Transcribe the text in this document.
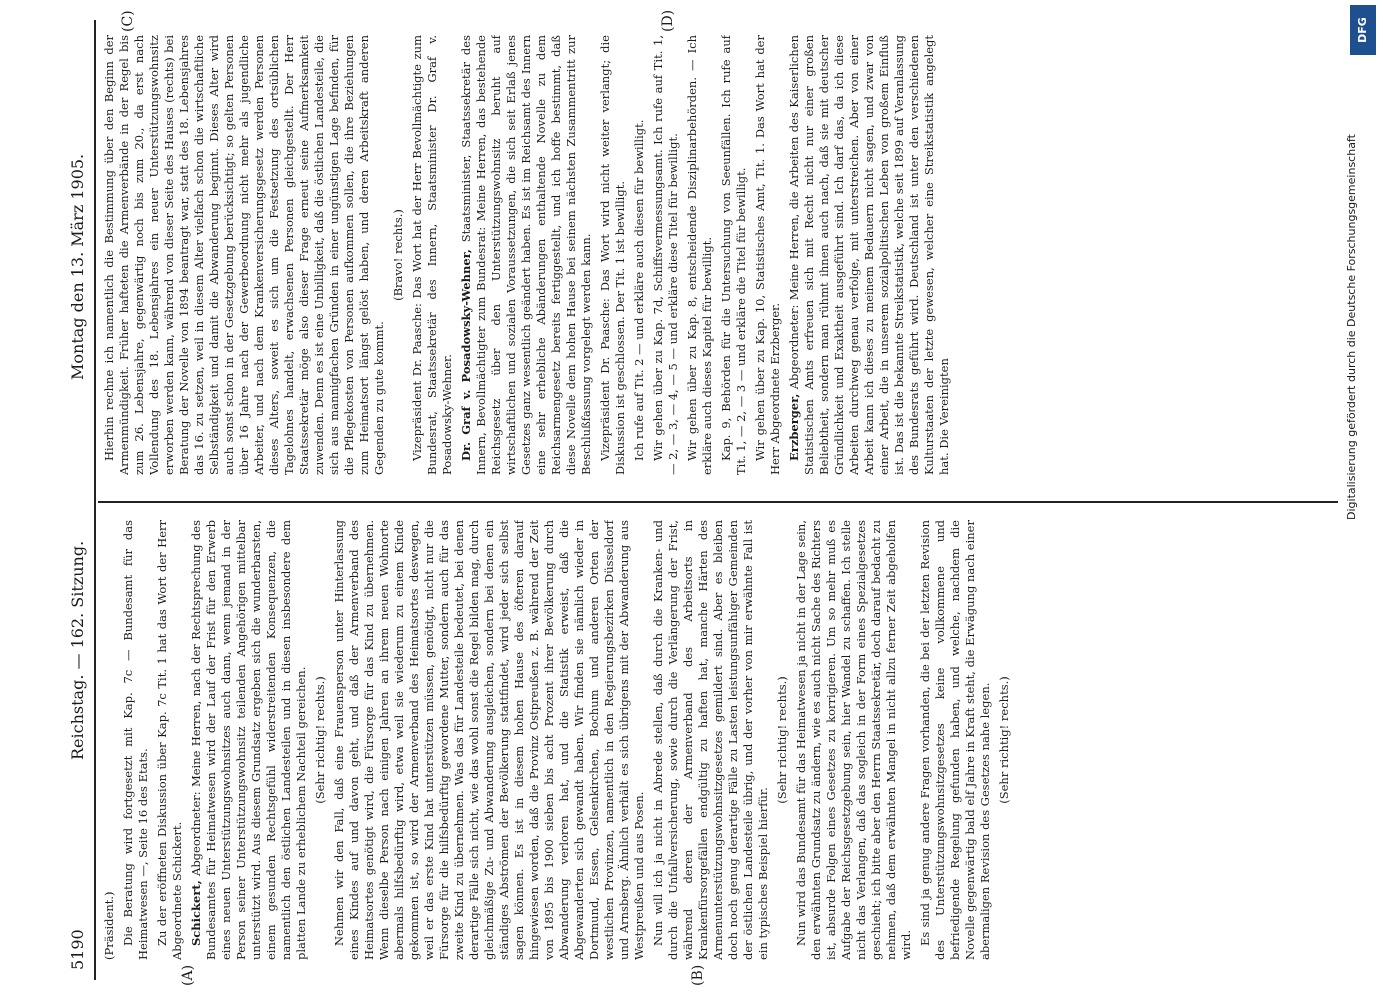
5190
Reichstag. — 162. Sitzung.
Montag den 13. März 1905.
(A)	(B)
(C)	(D)

(Präsident.) Die Beratung wird fortgesetzt mit Kap. 7c — Bundesamt für das Heimatwesen —, Seite 16 des Etats. Zu der eröffneten Diskussion über Kap. 7c Tit. 1 hat das Wort der Herr Abgeordnete Schickert. Schickert, Abgeordneter: Meine Herren, nach der Rechtsprechung des Bundesamtes für Heimatwesen wird der Lauf der Frist für den Erwerb eines neuen Unterstützungswohnsitzes auch dann, wenn jemand in der Person seiner Unterstützungswohnsitz teilenden Angehörigen mittelbar unterstützt wird. Aus diesem Grundsatz ergeben sich die wunderbarsten, einem gesunden Rechtsgefühl widerstreitenden Konsequenzen, die namentlich den östlichen Landesteilen und in diesen insbesondere dem platten Lande zu erheblichem Nachteil gereichen. (Sehr richtig! rechts.) Nehmen wir den Fall, daß eine Frauensperson unter Hinterlassung eines Kindes auf und davon geht, und daß der Armenverband des Heimatsortes genötigt wird, die Fürsorge für das Kind zu übernehmen. Wenn dieselbe Person nach einigen Jahren an ihrem neuen Wohnorte abermals hilfsbedürftig wird, etwa weil sie wiederum zu einem Kinde gekommen ist, so wird der Armenverband des Heimatsortes deswegen, weil er das erste Kind hat unterstützen müssen, genötigt, nicht nur die Fürsorge für die hilfsbedürftig gewordene Mutter, sondern auch für das zweite Kind zu übernehmen. Was das für Landesteile bedeutet, bei denen derartige Fälle sich nicht, wie das wohl sonst die Regel bilden mag, durch gleichmäßige Zu- und Abwanderung ausgleichen, sondern bei denen ein ständiges Abströmen der Bevölkerung stattfindet, wird jeder sich selbst sagen können. Es ist in diesem hohen Hause des öfteren darauf hingewiesen worden, daß die Provinz Ostpreußen z. B. während der Zeit von 1895 bis 1900 sieben bis acht Prozent ihrer Bevölkerung durch Abwanderung verloren hat, und die Statistik erweist, daß die Abgewanderten sich gewandt haben. Wir finden sie nämlich wieder in Dortmund, Essen, Gelsenkirchen, Bochum und anderen Orten der westlichen Provinzen, namentlich in den Regierungsbezirken Düsseldorf und Arnsberg. Ähnlich verhält es sich übrigens mit der Abwanderung aus Westpreußen und aus Posen. Nun will ich ja nicht in Abrede stellen, daß durch die Kranken- und durch die Unfallversicherung, sowie durch die Verlängerung der Frist, während deren der Armenverband des Arbeitsorts in Krankenfürsorgefällen endgültig zu haften hat, manche Härten des Armenunterstützungswohnsitzgesetzes gemildert sind. Aber es bleiben doch noch genug derartige Fälle zu Lasten leistungsunfähiger Gemeinden der östlichen Landesteile übrig, und der vorher von mir erwähnte Fall ist ein typisches Beispiel hierfür.

(Sehr richtig! rechts.) Nun wird das Bundesamt für das Heimatwesen ja nicht in der Lage sein, den erwähnten Grundsatz zu ändern, wie es auch nicht Sache des Richters ist, absurde Folgen eines Gesetzes zu korrigieren. Um so mehr muß es Aufgabe der Reichsgesetzgebung sein, hier Wandel zu schaffen. Ich stelle nicht das Verlangen, daß das sogleich in der Form eines Spezialgesetzes geschieht; ich bitte aber den Herrn Staatssekretär, doch darauf bedacht zu nehmen, daß dem erwähnten Mangel in nicht allzu ferner Zeit abgeholfen wird. Es sind ja genug andere Fragen vorhanden, die bei der letzten Revision des Unterstützungswohnsitzgesetzes keine vollkommene und befriedigende Regelung gefunden haben, und welche, nachdem die Novelle gegenwärtig bald elf Jahre in Kraft steht, die Erwägung nach einer abermaligen Revision des Gesetzes nahe legen. (Sehr richtig! rechts.)

Hierhin rechne ich namentlich die Bestimmung über den Beginn der Armenmündigkeit. Früher hafteten die Armenverbände in der Regel bis zum 26. Lebensjahre, gegenwärtig noch bis zum 20., da erst nach Vollendung des 18. Lebensjahres ein neuer Unterstützungswohnsitz erworben werden kann, während von dieser Seite des Hauses (rechts) bei Beratung der Novelle von 1894 beantragt war, statt des 18. Lebensjahres das 16. zu setzen, weil in diesem Alter vielfach schon die wirtschaftliche Selbständigkeit und damit die Abwanderung beginnt. Dieses Alter wird auch sonst schon in der Gesetzgebung berücksichtigt; so gelten Personen über 16 Jahre nach der Gewerbeordnung nicht mehr als jugendliche Arbeiter, und nach dem Krankenversicherungsgesetz werden Personen dieses Alters, soweit es sich um die Festsetzung des ortsüblichen Tagelohnes handelt, erwachsenen Personen gleichgestellt. Der Herr Staatssekretär möge also dieser Frage erneut seine Aufmerksamkeit zuwenden. Denn es ist eine Unbilligkeit, daß die östlichen Landesteile, die sich aus mannigfachen Gründen in einer ungünstigen Lage befinden, für die Pflegekosten von Personen aufkommen sollen, die ihre Beziehungen zum Heimatsort längst gelöst haben, und deren Arbeitskraft anderen Gegenden zu gute kommt.

(Bravo! rechts.) Vizepräsident Dr. Paasche: Das Wort hat der Herr Bevollmächtigte zum Bundesrat, Staatssekretär des Innern, Staatsminister Dr. Graf v. Posadowsky-Wehner. Dr. Graf v. Posadowsky-Wehner, Staatsminister, Staatssekretär des Innern, Bevollmächtigter zum Bundesrat: Meine Herren, das bestehende Reichsgesetz über den Unterstützungswohnsitz beruht auf wirtschaftlichen und sozialen Voraussetzungen, die sich seit Erlaß jenes Gesetzes ganz wesentlich geändert haben. Es ist im Reichsamt des Innern eine sehr erhebliche Abänderungen enthaltende Novelle zu dem Reichsarmengesetz bereits fertiggestellt, und ich hoffe bestimmt, daß diese Novelle dem hohen Hause bei seinem nächsten Zusammentritt zur Beschlußfassung vorgelegt werden kann. Vizepräsident Dr. Paasche: Das Wort wird nicht weiter verlangt; die Diskussion ist geschlossen. Der Tit. 1 ist bewilligt. Ich rufe auf Tit. 2 — und erkläre auch diesen für bewilligt. Wir gehen über zu Kap. 7d, Schiffsvermessungsamt. Ich rufe auf Tit. 1, — 2, — 3, — 4, — 5 — und erkläre diese Titel für bewilligt. Wir gehen über zu Kap. 8, entscheidende Disziplinarbehörden. — Ich erkläre auch dieses Kapitel für bewilligt. Kap. 9, Behörden für die Untersuchung von Seeunfällen. Ich rufe auf Tit. 1, — 2, — 3 — und erkläre die Titel für bewilligt. Wir gehen über zu Kap. 10, Statistisches Amt, Tit. 1. Das Wort hat der Herr Abgeordnete Erzberger. Erzberger, Abgeordneter: Meine Herren, die Arbeiten des Kaiserlichen Statistischen Amts erfreuen sich mit Recht nicht nur einer großen Beliebtheit, sondern man rühmt ihnen auch nach, daß sie mit deutscher Gründlichkeit und Exaktheit ausgeführt sind. Ich darf das, da ich diese Arbeiten durchweg genau verfolge, mit unterstreichen. Aber von einer Arbeit kann ich dieses zu meinem Bedauern nicht sagen, und zwar von einer Arbeit, die in unserem sozialpolitischen Leben von großem Einfluß ist. Das ist die bekannte Streikstatistik, welche seit 1899 auf Veranlassung des Bundesrats geführt wird. Deutschland ist unter den verschiedenen Kulturstaaten der letzte gewesen, welcher eine Streikstatistik angelegt hat. Die Vereinigten	Digitalisierung gefördert durch die Deutsche Forschungsgemeinschaft
DFG
